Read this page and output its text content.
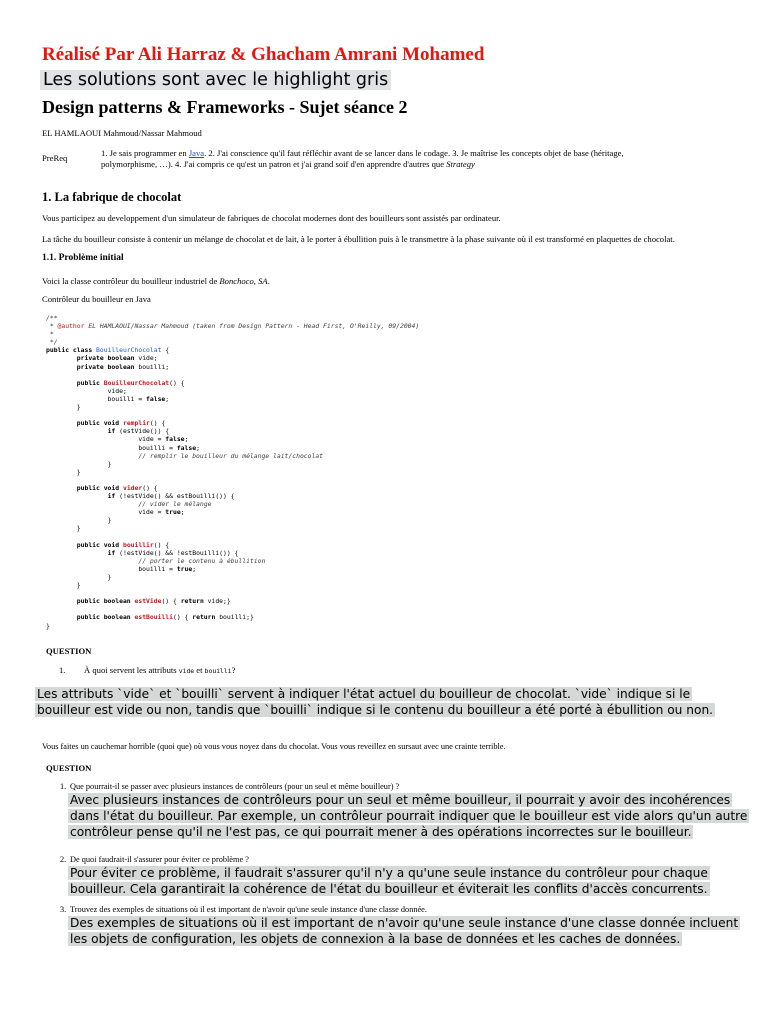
Réalisé Par Ali Harraz & Ghacham Amrani Mohamed
Les solutions sont avec le highlight gris
Design patterns & Frameworks - Sujet séance 2
EL HAMLAOUI Mahmoud/Nassar Mahmoud
PreReq	1. Je sais programmer en Java. 2. J'ai conscience qu'il faut réfléchir avant de se lancer dans le codage. 3. Je maîtrise les concepts objet de base (héritage, polymorphisme, …). 4. J'ai compris ce qu'est un patron et j'ai grand soif d'en apprendre d'autres que Strategy
1. La fabrique de chocolat
Vous participez au developpement d'un simulateur de fabriques de chocolat modernes dont des bouilleurs sont assistés par ordinateur.
La tâche du bouilleur consiste à contenir un mélange de chocolat et de lait, à le porter à ébullition puis à le transmettre à la phase suivante où il est transformé en plaquettes de chocolat.
1.1. Problème initial
Voici la classe contrôleur du bouilleur industriel de Bonchoco, SA.
Contrôleur du bouilleur en Java
/**
* @author EL HAMLAOUI/Nassar Mahmoud (taken from Design Pattern - Head First, O'Reilly, 09/2004)
*
*/
public class BouilleurChocolat {
private boolean vide;
private boolean bouilli;

public BouilleurChocolat() {
vide;
bouilli = false;
}

public void remplir() {
if (estVide()) {
vide = false;
bouilli = false;
// remplir le bouilleur du mélange lait/chocolat
}
}

public void vider() {
if (!estVide() && estBouilli()) {
// vider le mélange
vide = true;
}
}

public void bouillir() {
if (!estVide() && !estBouilli()) {
// porter le contenu à ébullition
bouilli = true;
}
}

public boolean estVide() { return vide;}

public boolean estBouilli() { return bouilli;}
}
QUESTION
1. À quoi servent les attributs vide et bouilli?
Les attributs `vide` et `bouilli` servent à indiquer l'état actuel du bouilleur de chocolat. `vide` indique si le bouilleur est vide ou non, tandis que `bouilli` indique si le contenu du bouilleur a été porté à ébullition ou non.
Vous faites un cauchemar horrible (quoi que) où vous vous noyez dans du chocolat. Vous vous reveillez en sursaut avec une crainte terrible.
QUESTION
1. Que pourrait-il se passer avec plusieurs instances de contrôleurs (pour un seul et même bouilleur) ?
Avec plusieurs instances de contrôleurs pour un seul et même bouilleur, il pourrait y avoir des incohérences dans l'état du bouilleur. Par exemple, un contrôleur pourrait indiquer que le bouilleur est vide alors qu'un autre contrôleur pense qu'il ne l'est pas, ce qui pourrait mener à des opérations incorrectes sur le bouilleur.
2. De quoi faudrait-il s'assurer pour éviter ce problème ?
Pour éviter ce problème, il faudrait s'assurer qu'il n'y a qu'une seule instance du contrôleur pour chaque bouilleur. Cela garantirait la cohérence de l'état du bouilleur et éviterait les conflits d'accès concurrents.
3. Trouvez des exemples de situations où il est important de n'avoir qu'une seule instance d'une classe donnée.
Des exemples de situations où il est important de n'avoir qu'une seule instance d'une classe donnée incluent les objets de configuration, les objets de connexion à la base de données et les caches de données.
